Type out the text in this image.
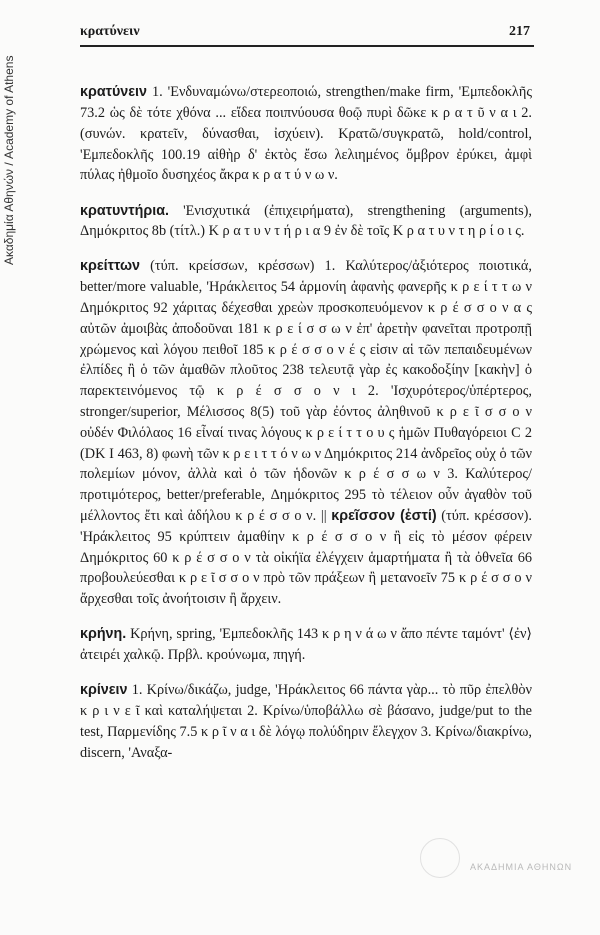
Ακαδημία Αθηνών / Academy of Athens
κρατύνειν	217

κρατύνειν 1. 'Ενδυναμώνω/στερεοποιώ, strengthen/make firm, 'Εμπεδοκλῆς 73.2 ὡς δὲ τότε χθόνα ... εἴδεα ποιπνύουσα θοῷ πυρὶ δῶκε κ ρ α τ ῦ ν α ι 2. (συνών. κρατεῖν, δύνασθαι, ἰσχύειν). Κρατῶ/συγκρατῶ, hold/control, 'Εμπεδοκλῆς 100.19 αἰθὴρ δ' ἐκτὸς ἔσω λελιημένος ὄμβρον ἐρύκει, ἀμφὶ πύλας ἠθμοῖο δυσηχέος ἄκρα κ ρ α τ ύ ν ω ν.

κρατυντήρια. 'Ενισχυτικά (ἐπιχειρήματα), strengthening (arguments), Δημόκριτος 8b (τίτλ.) Κ ρ α τ υ ν τ ή ρ ι α 9 ἐν δὲ τοῖς Κ ρ α τ υ ν τ η ρ ί ο ι ς.

κρείττων (τύπ. κρείσσων, κρέσσων) 1. Καλύτερος/ἀξιότερος ποιοτικά, better/more valuable, 'Ηράκλειτος 54 ἁρμονίη ἀφανὴς φανερῆς κ ρ ε ί τ τ ω ν Δημόκριτος 92 χάριτας δέχεσθαι χρεὼν προσκοπευόμενον κ ρ έ σ σ ο ν α ς αὐτῶν ἀμοιβὰς ἀποδοῦναι 181 κ ρ ε ί σ σ ω ν ἐπ' ἀρετὴν φανεῖται προτροπῇ χρώμενος καὶ λόγου πειθοῖ 185 κ ρ έ σ σ ο ν έ ς εἰσιν αἱ τῶν πεπαιδευμένων ἐλπίδες ἢ ὁ τῶν ἀμαθῶν πλοῦτος 238 τελευτᾷ γὰρ ἐς κακοδοξίην [κακὴν] ὁ παρεκτεινόμενος τῷ κ ρ έ σ σ ο ν ι 2. 'Ισχυρότερος/ὑπέρτερος, stronger/superior, Μέλισσος 8(5) τοῦ γὰρ ἐόντος ἀληθινοῦ κ ρ ε ῖ σ σ ο ν οὐδέν Φιλόλαος 16 εἶναί τινας λόγους κ ρ ε ί τ τ ο υ ς ἡμῶν Πυθαγόρειοι C 2 (DK I 463, 8) φωνὴ τῶν κ ρ ε ι τ τ ό ν ω ν Δημόκριτος 214 ἀνδρεῖος οὐχ ὁ τῶν πολεμίων μόνον, ἀλλὰ καὶ ὁ τῶν ἡδονῶν κ ρ έ σ σ ω ν 3. Καλύτερος/προτιμότερος, better/preferable, Δημόκριτος 295 τὸ τέλειον οὖν ἀγαθὸν τοῦ μέλλοντος ἔτι καὶ ἀδήλου κ ρ έ σ σ ο ν. || κρεῖσσον (ἐστί) (τύπ. κρέσσον). 'Ηράκλειτος 95 κρύπτειν ἀμαθίην κ ρ έ σ σ ο ν ἢ εἰς τὸ μέσον φέρειν Δημόκριτος 60 κ ρ έ σ σ ο ν τὰ οἰκήϊα ἐλέγχειν ἁμαρτήματα ἢ τὰ ὀθνεῖα 66 προβουλεύεσθαι κ ρ ε ῖ σ σ ο ν πρὸ τῶν πράξεων ἢ μετανοεῖν 75 κ ρ έ σ σ ο ν ἄρχεσθαι τοῖς ἀνοήτοισιν ἢ ἄρχειν.

κρήνη. Κρήνη, spring, 'Εμπεδοκλῆς 143 κ ρ η ν ά ω ν ἄπο πέντε ταμόντ' ⟨ἐν⟩ ἀτειρέι χαλκῷ. Πρβλ. κρούνωμα, πηγή.

κρίνειν 1. Κρίνω/δικάζω, judge, 'Ηράκλειτος 66 πάντα γὰρ... τὸ πῦρ ἐπελθὸν κ ρ ι ν ε ῖ καὶ καταλήψεται 2. Κρίνω/ὑποβάλλω σὲ βάσανο, judge/put to the test, Παρμενίδης 7.5 κ ρ ῖ ν α ι δὲ λόγῳ πολύδηριν ἔλεγχον 3. Κρίνω/διακρίνω, discern, 'Αναξα-

ΑΚΑΔΗΜΙΑ ΑΘΗΝΩΝ
